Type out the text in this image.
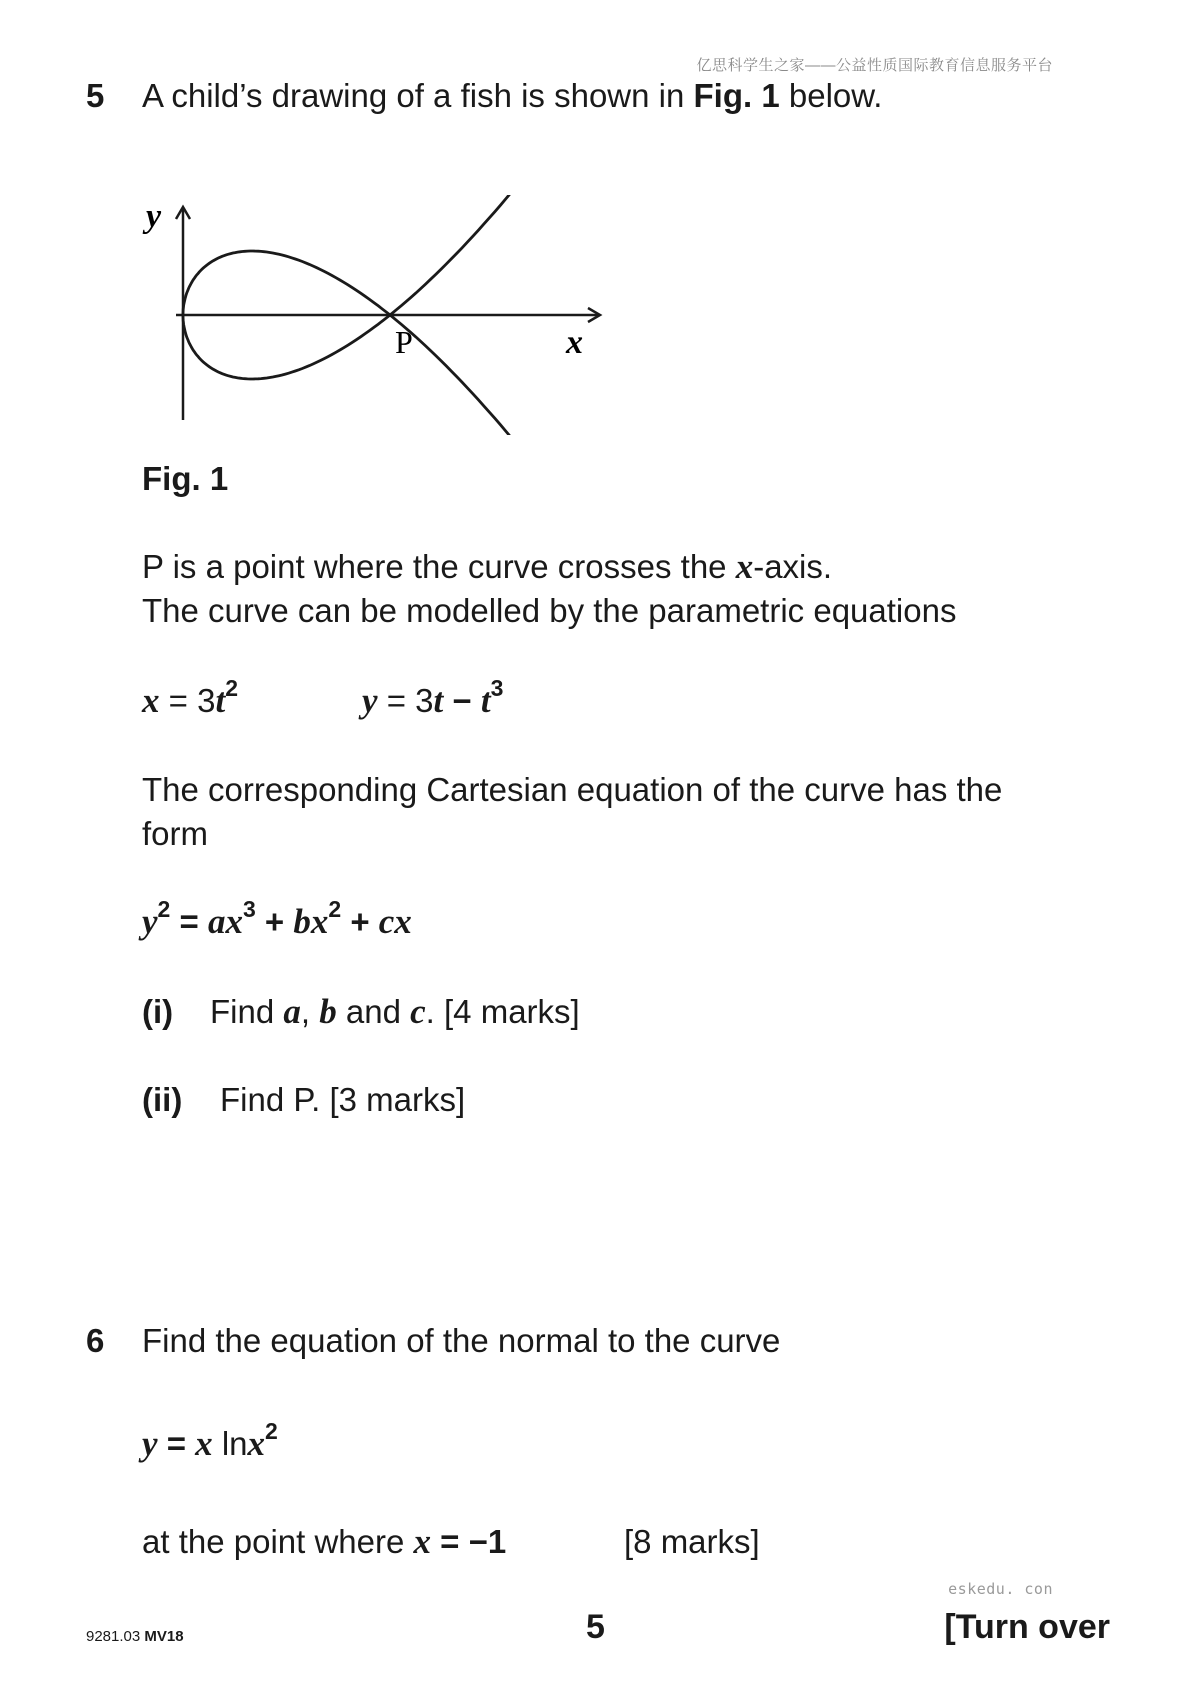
亿思科学生之家——公益性质国际教育信息服务平台
5 A child’s drawing of a fish is shown in Fig. 1 below.
y
x
P
Fig. 1
P is a point where the curve crosses the x-axis.
The curve can be modelled by the parametric equations
$x = 3t^2$	$y = 3t - t^3$
The corresponding Cartesian equation of the curve has the
form
$y^2 = ax^3 + bx^2$ + cx
(i) Find a, b and c. [4 marks]
(ii) Find P. [3 marks]
6 Find the equation of the normal to the curve
y = x lnx$^2$
at the point where x = −1	[8 marks]
eskedu. con
9281.03 MV18	5	[Turn over
